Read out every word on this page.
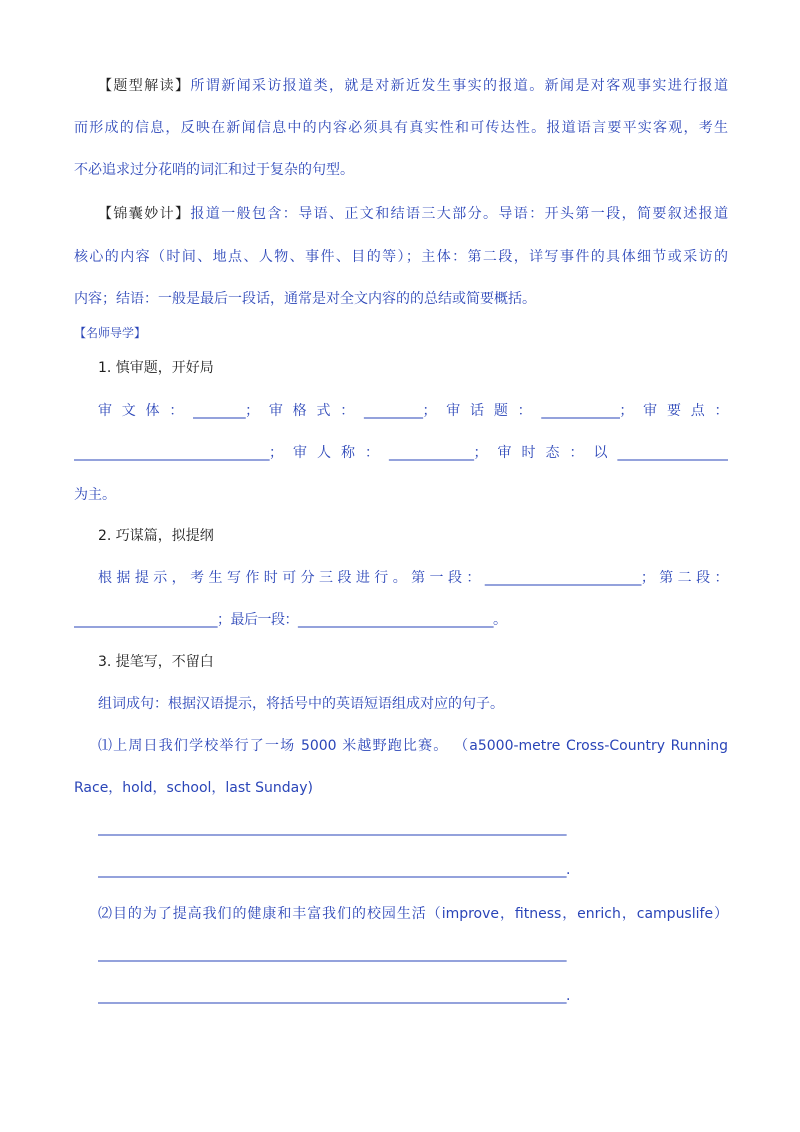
【题型解读】所谓新闻采访报道类，就是对新近发生事实的报道。新闻是对客观事实进行报道
而形成的信息，反映在新闻信息中的内容必须具有真实性和可传达性。报道语言要平实客观，考生
不必追求过分花哨的词汇和过于复杂的句型。
【锦囊妙计】报道一般包含：导语、正文和结语三大部分。导语：开头第一段，简要叙述报道
核心的内容（时间、地点、人物、事件、目的等）；主体：第二段，详写事件的具体细节或采访的
内容；结语：一般是最后一段话，通常是对全文内容的的总结或简要概括。
【名师导学】
1. 慎审题，开好局
审文体：________；审格式：_________；审话题：____________；审要点：
______________________________；审人称：_____________；审时态：以_________________
为主。
2. 巧谋篇，拟提纲
根据提示，考生写作时可分三段进行。第一段：________________________；第二段：
______________________；最后一段：______________________________。
3. 提笔写，不留白
组词成句：根据汉语提示，将括号中的英语短语组成对应的句子。
⑴上周日我们学校举行了一场 5000 米越野跑比赛。 （a5000-metre Cross-Country Running
Race，hold，school，last Sunday)
________________________________________________________________________
________________________________________________________________________.
⑵目的为了提高我们的健康和丰富我们的校园生活（improve，fitness，enrich，campuslife）
________________________________________________________________________
________________________________________________________________________.
